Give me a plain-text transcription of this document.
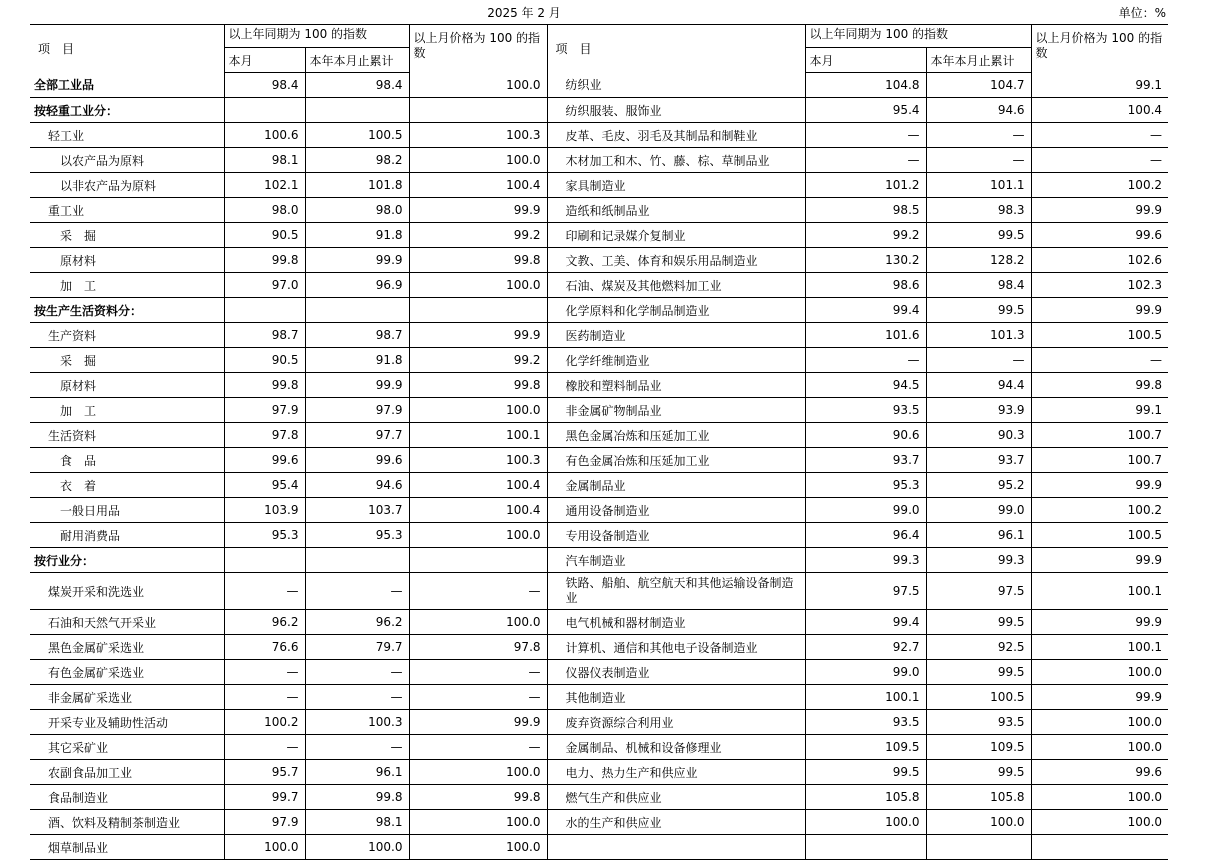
2025 年 2 月	单位：%
项　目	以上年同期为 100 的指数		以上月价格为 100 的指数	项　目	以上年同期为 100 的指数		以上月价格为 100 的指数
	本月	本年本月止累计			本月	本年本月止累计	
全部工业品	98.4	98.4	100.0	纺织业	104.8	104.7	99.1
按轻重工业分：				纺织服装、服饰业	95.4	94.6	100.4
轻工业	100.6	100.5	100.3	皮革、毛皮、羽毛及其制品和制鞋业	—	—	—
以农产品为原料	98.1	98.2	100.0	木材加工和木、竹、藤、棕、草制品业	—	—	—
以非农产品为原料	102.1	101.8	100.4	家具制造业	101.2	101.1	100.2
重工业	98.0	98.0	99.9	造纸和纸制品业	98.5	98.3	99.9
采　掘	90.5	91.8	99.2	印刷和记录媒介复制业	99.2	99.5	99.6
原材料	99.8	99.9	99.8	文教、工美、体育和娱乐用品制造业	130.2	128.2	102.6
加　工	97.0	96.9	100.0	石油、煤炭及其他燃料加工业	98.6	98.4	102.3
按生产生活资料分：				化学原料和化学制品制造业	99.4	99.5	99.9
生产资料	98.7	98.7	99.9	医药制造业	101.6	101.3	100.5
采　掘	90.5	91.8	99.2	化学纤维制造业	—	—	—
原材料	99.8	99.9	99.8	橡胶和塑料制品业	94.5	94.4	99.8
加　工	97.9	97.9	100.0	非金属矿物制品业	93.5	93.9	99.1
生活资料	97.8	97.7	100.1	黑色金属冶炼和压延加工业	90.6	90.3	100.7
食　品	99.6	99.6	100.3	有色金属冶炼和压延加工业	93.7	93.7	100.7
衣　着	95.4	94.6	100.4	金属制品业	95.3	95.2	99.9
一般日用品	103.9	103.7	100.4	通用设备制造业	99.0	99.0	100.2
耐用消费品	95.3	95.3	100.0	专用设备制造业	96.4	96.1	100.5
按行业分：				汽车制造业	99.3	99.3	99.9
煤炭开采和洗选业	—	—	—	铁路、船舶、航空航天和其他运输设备制造业	97.5	97.5	100.1
石油和天然气开采业	96.2	96.2	100.0	电气机械和器材制造业	99.4	99.5	99.9
黑色金属矿采选业	76.6	79.7	97.8	计算机、通信和其他电子设备制造业	92.7	92.5	100.1
有色金属矿采选业	—	—	—	仪器仪表制造业	99.0	99.5	100.0
非金属矿采选业	—	—	—	其他制造业	100.1	100.5	99.9
开采专业及辅助性活动	100.2	100.3	99.9	废弃资源综合利用业	93.5	93.5	100.0
其它采矿业	—	—	—	金属制品、机械和设备修理业	109.5	109.5	100.0
农副食品加工业	95.7	96.1	100.0	电力、热力生产和供应业	99.5	99.5	99.6
食品制造业	99.7	99.8	99.8	燃气生产和供应业	105.8	105.8	100.0
酒、饮料及精制茶制造业	97.9	98.1	100.0	水的生产和供应业	100.0	100.0	100.0
烟草制品业	100.0	100.0	100.0				
